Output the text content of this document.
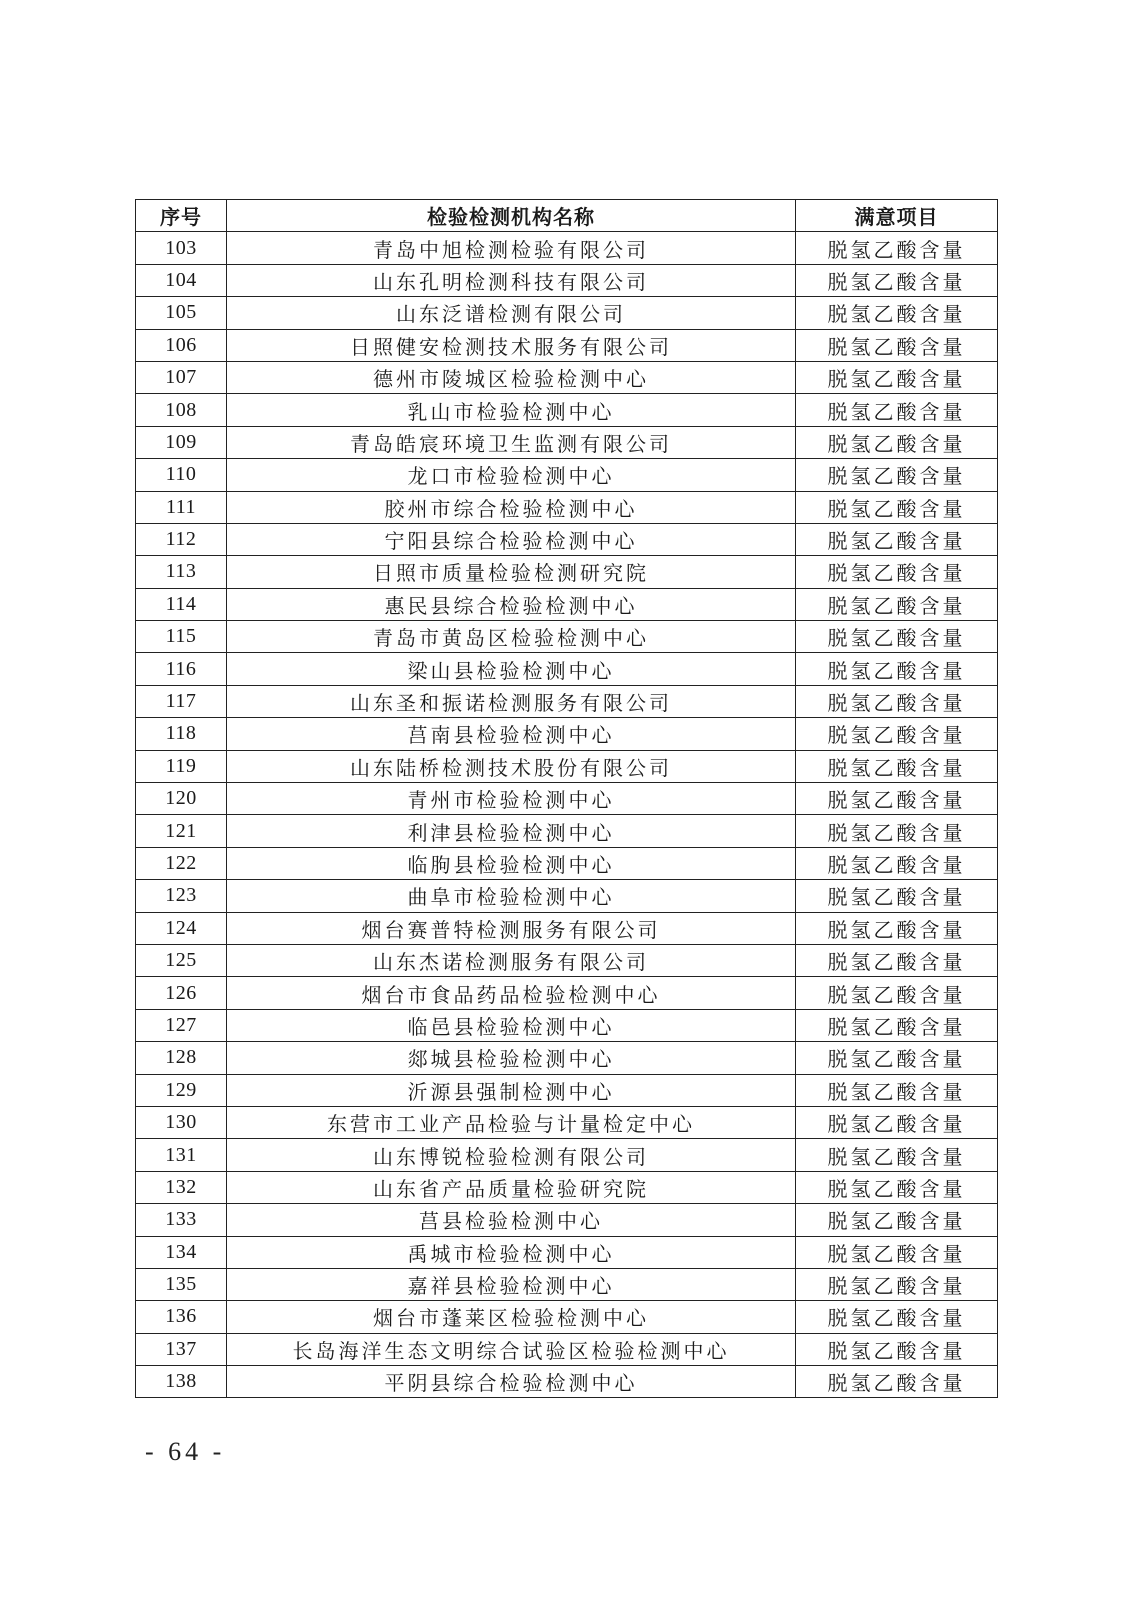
序号	检验检测机构名称	满意项目
103	青岛中旭检测检验有限公司	脱氢乙酸含量
104	山东孔明检测科技有限公司	脱氢乙酸含量
105	山东泛谱检测有限公司	脱氢乙酸含量
106	日照健安检测技术服务有限公司	脱氢乙酸含量
107	德州市陵城区检验检测中心	脱氢乙酸含量
108	乳山市检验检测中心	脱氢乙酸含量
109	青岛皓宸环境卫生监测有限公司	脱氢乙酸含量
110	龙口市检验检测中心	脱氢乙酸含量
111	胶州市综合检验检测中心	脱氢乙酸含量
112	宁阳县综合检验检测中心	脱氢乙酸含量
113	日照市质量检验检测研究院	脱氢乙酸含量
114	惠民县综合检验检测中心	脱氢乙酸含量
115	青岛市黄岛区检验检测中心	脱氢乙酸含量
116	梁山县检验检测中心	脱氢乙酸含量
117	山东圣和振诺检测服务有限公司	脱氢乙酸含量
118	莒南县检验检测中心	脱氢乙酸含量
119	山东陆桥检测技术股份有限公司	脱氢乙酸含量
120	青州市检验检测中心	脱氢乙酸含量
121	利津县检验检测中心	脱氢乙酸含量
122	临朐县检验检测中心	脱氢乙酸含量
123	曲阜市检验检测中心	脱氢乙酸含量
124	烟台赛普特检测服务有限公司	脱氢乙酸含量
125	山东杰诺检测服务有限公司	脱氢乙酸含量
126	烟台市食品药品检验检测中心	脱氢乙酸含量
127	临邑县检验检测中心	脱氢乙酸含量
128	郯城县检验检测中心	脱氢乙酸含量
129	沂源县强制检测中心	脱氢乙酸含量
130	东营市工业产品检验与计量检定中心	脱氢乙酸含量
131	山东博锐检验检测有限公司	脱氢乙酸含量
132	山东省产品质量检验研究院	脱氢乙酸含量
133	莒县检验检测中心	脱氢乙酸含量
134	禹城市检验检测中心	脱氢乙酸含量
135	嘉祥县检验检测中心	脱氢乙酸含量
136	烟台市蓬莱区检验检测中心	脱氢乙酸含量
137	长岛海洋生态文明综合试验区检验检测中心	脱氢乙酸含量
138	平阴县综合检验检测中心	脱氢乙酸含量
- 64 -
